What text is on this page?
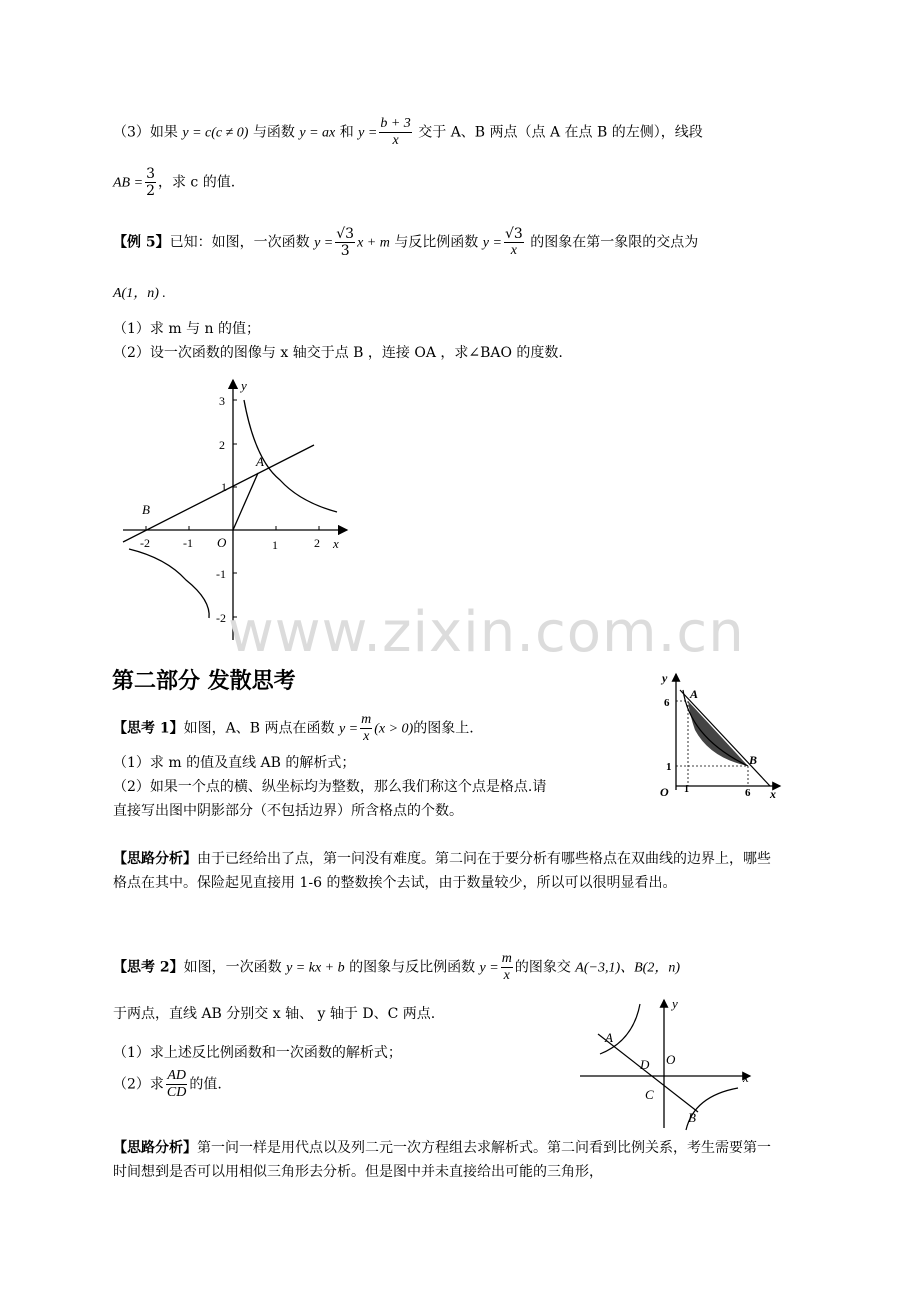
（3）如果 y = c(c ≠ 0) 与函数 y = ax 和 $y = \frac{b + 3}{x}$ 交于 A、B 两点（点 A 在点 B 的左侧），线段
AB = $\frac{3}{2}$ ，求 c 的值.
【例 5】已知：如图，一次函数 $y = \frac{√3}{3}$ x + m 与反比例函数 $y = \frac{√3}{x}$ 的图象在第一象限的交点为
A(1，n) .
（1）求 m 与 n 的值；
（2）设一次函数的图像与 x 轴交于点 B ，连接 OA ，求∠BAO 的度数.
y
x
O
A
B
-2	-1	1	2
3
2
1
-1
-2 www.zixin.com.cn
第二部分 发散思考
【思考 1】如图，A、B 两点在函数 $y = \frac{m}{x} (x > 0)$的图象上.
（1）求 m 的值及直线 AB 的解析式；
（2）如果一个点的横、纵坐标均为整数，那么我们称这个点是格点.请
直接写出图中阴影部分（不包括边界）所含格点的个数。
y
x
O
A
B
6
1
1	6
【思路分析】由于已经给出了点，第一问没有难度。第二问在于要分析有哪些格点在双曲线的边界上，哪些格点在其中。保险起见直接用 1-6 的整数挨个去试，由于数量较少，所以可以很明显看出。
【思考 2】如图，一次函数 y = kx + b 的图象与反比例函数 $y = \frac{m}{x}$ 的图象交 A(−3,1)、B(2，n)
于两点，直线 AB 分别交 x 轴、 y 轴于 D、C 两点.
（1）求上述反比例函数和一次函数的解析式；
（2）求 $\frac{AD}{CD}$ 的值.
y
x
O
A
B
C
D
【思路分析】第一问一样是用代点以及列二元一次方程组去求解析式。第二问看到比例关系，考生需要第一时间想到是否可以用相似三角形去分析。但是图中并未直接给出可能的三角形，
